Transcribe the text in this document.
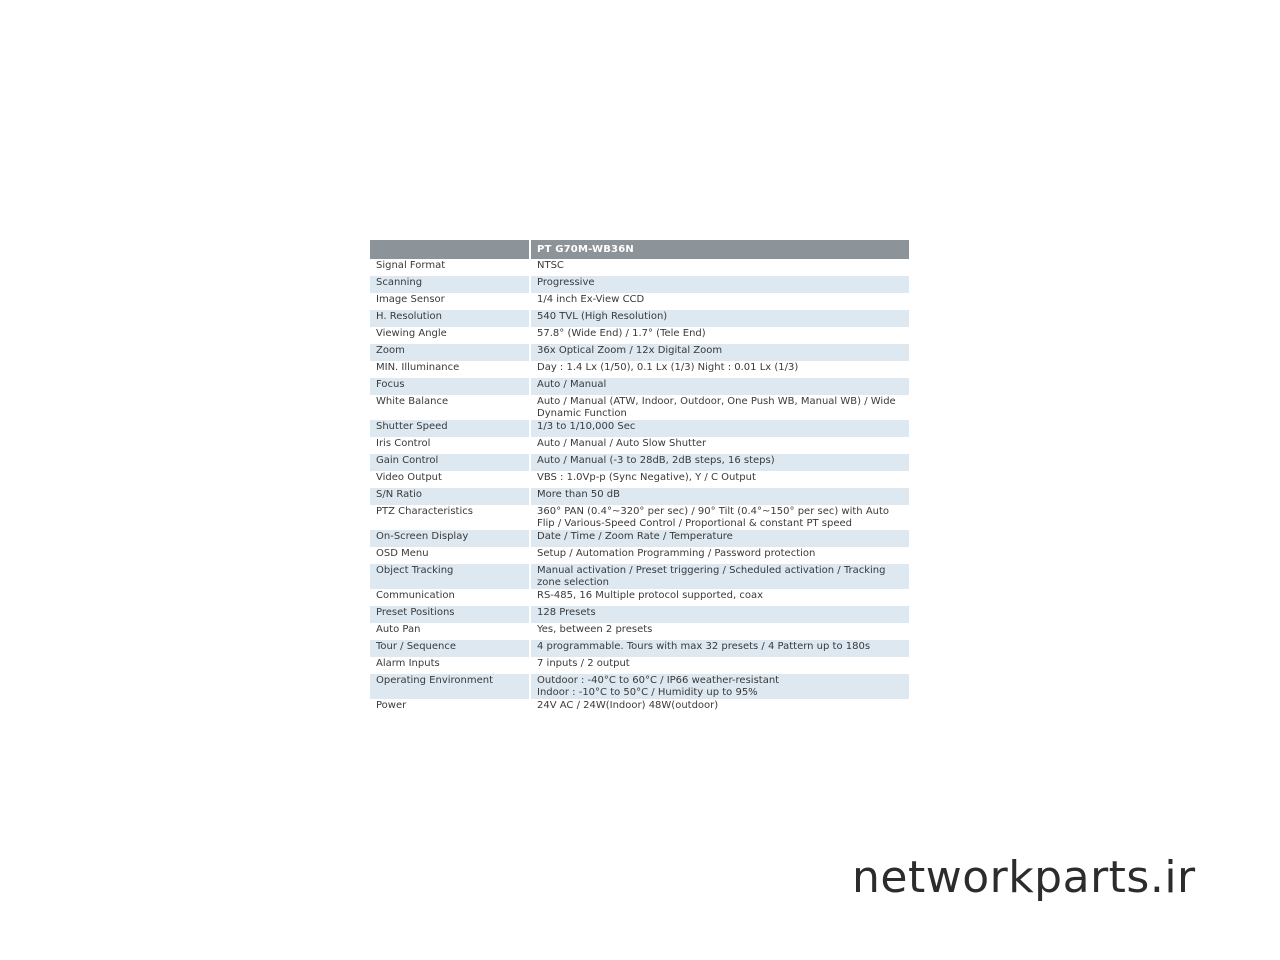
	PT G70M-WB36N
Signal Format	NTSC
Scanning	Progressive
Image Sensor	1/4 inch Ex-View CCD
H. Resolution	540 TVL (High Resolution)
Viewing Angle	57.8° (Wide End) / 1.7° (Tele End)
Zoom	36x Optical Zoom / 12x Digital Zoom
MIN. Illuminance	Day : 1.4 Lx (1/50), 0.1 Lx (1/3) Night : 0.01 Lx (1/3)
Focus	Auto / Manual
White Balance	Auto / Manual (ATW, Indoor, Outdoor, One Push WB, Manual WB) / Wide Dynamic Function
Shutter Speed	1/3 to 1/10,000 Sec
Iris Control	Auto / Manual / Auto Slow Shutter
Gain Control	Auto / Manual (-3 to 28dB, 2dB steps, 16 steps)
Video Output	VBS : 1.0Vp-p (Sync Negative), Y / C Output
S/N Ratio	More than 50 dB
PTZ Characteristics	360° PAN (0.4°~320° per sec) / 90° Tilt (0.4°~150° per sec) with Auto Flip / Various-Speed Control / Proportional & constant PT speed
On-Screen Display	Date / Time / Zoom Rate / Temperature
OSD Menu	Setup / Automation Programming / Password protection
Object Tracking	Manual activation / Preset triggering / Scheduled activation / Tracking zone selection
Communication	RS-485, 16 Multiple protocol supported, coax
Preset Positions	128 Presets
Auto Pan	Yes, between 2 presets
Tour / Sequence	4 programmable. Tours with max 32 presets / 4 Pattern up to 180s
Alarm Inputs	7 inputs / 2 output
Operating Environment	Outdoor : -40°C to 60°C / IP66 weather-resistant
Indoor : -10°C to 50°C / Humidity up to 95%
Power	24V AC / 24W(Indoor) 48W(outdoor)
networkparts.ir
